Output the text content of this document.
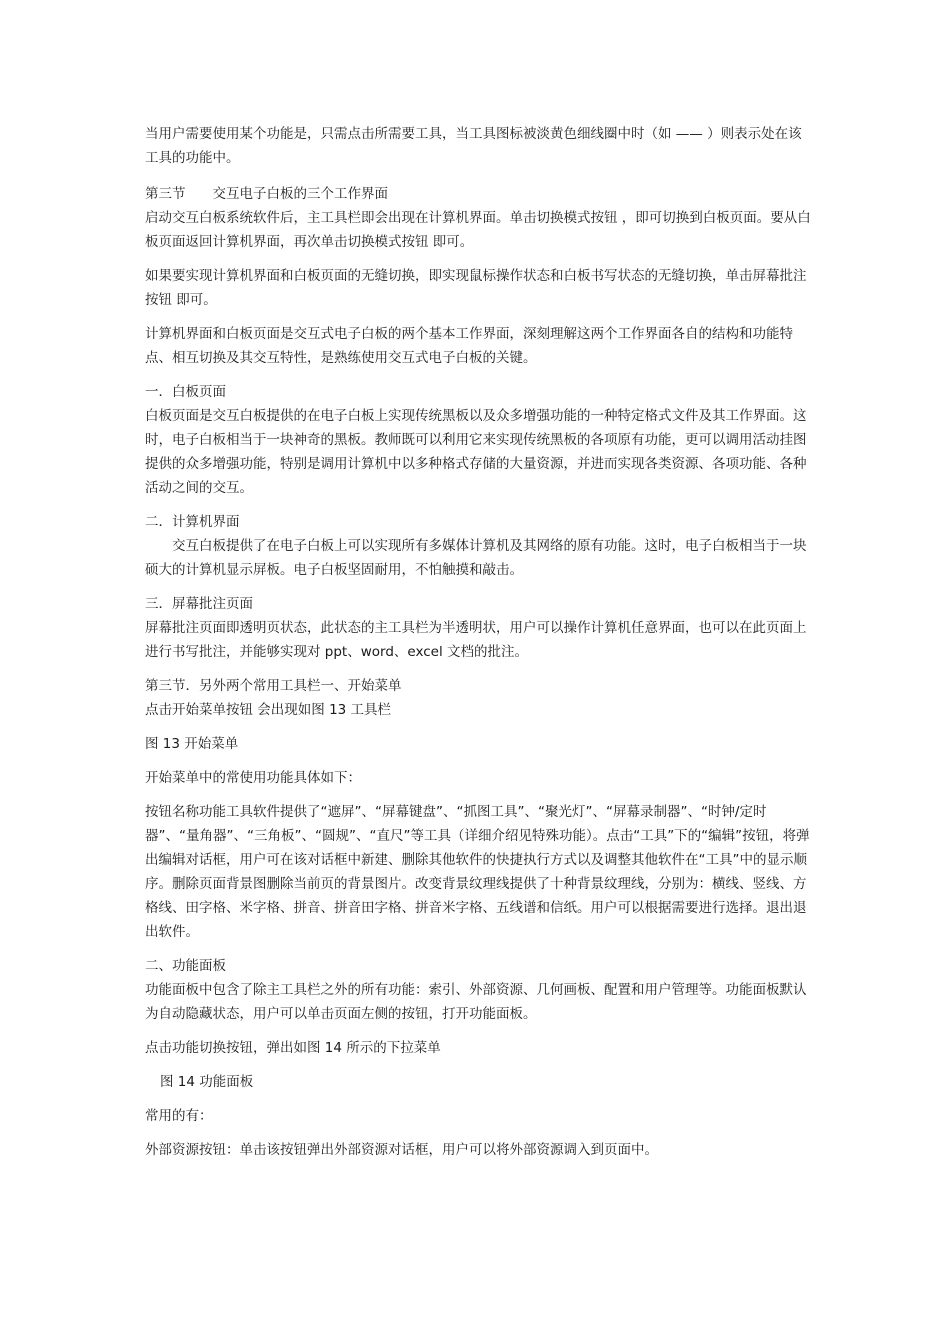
当用户需要使用某个功能是，只需点击所需要工具，当工具图标被淡黄色细线圈中时（如 —— ）则表示处在该工具的功能中。

第三节　　交互电子白板的三个工作界面

启动交互白板系统软件后，主工具栏即会出现在计算机界面。单击切换模式按钮 ，即可切换到白板页面。要从白板页面返回计算机界面，再次单击切换模式按钮 即可。

如果要实现计算机界面和白板页面的无缝切换，即实现鼠标操作状态和白板书写状态的无缝切换，单击屏幕批注按钮 即可。

计算机界面和白板页面是交互式电子白板的两个基本工作界面，深刻理解这两个工作界面各自的结构和功能特点、相互切换及其交互特性，是熟练使用交互式电子白板的关键。

一．白板页面

白板页面是交互白板提供的在电子白板上实现传统黑板以及众多增强功能的一种特定格式文件及其工作界面。这时，电子白板相当于一块神奇的黑板。教师既可以利用它来实现传统黑板的各项原有功能，更可以调用活动挂图提供的众多增强功能，特别是调用计算机中以多种格式存储的大量资源，并进而实现各类资源、各项功能、各种活动之间的交互。

二．计算机界面

交互白板提供了在电子白板上可以实现所有多媒体计算机及其网络的原有功能。这时，电子白板相当于一块硕大的计算机显示屏板。电子白板坚固耐用，不怕触摸和敲击。

三．屏幕批注页面

屏幕批注页面即透明页状态，此状态的主工具栏为半透明状，用户可以操作计算机任意界面，也可以在此页面上进行书写批注，并能够实现对 ppt、word、excel 文档的批注。

第三节．另外两个常用工具栏一、开始菜单

点击开始菜单按钮 会出现如图 13 工具栏

图 13 开始菜单

开始菜单中的常使用功能具体如下：

按钮名称功能工具软件提供了“遮屏”、“屏幕键盘”、“抓图工具”、“聚光灯”、“屏幕录制器”、“时钟/定时器”、“量角器”、“三角板”、“圆规”、“直尺”等工具（详细介绍见特殊功能）。点击“工具”下的“编辑”按钮，将弹出编辑对话框，用户可在该对话框中新建、删除其他软件的快捷执行方式以及调整其他软件在“工具”中的显示顺序。删除页面背景图删除当前页的背景图片。改变背景纹理线提供了十种背景纹理线，分别为：横线、竖线、方格线、田字格、米字格、拼音、拼音田字格、拼音米字格、五线谱和信纸。用户可以根据需要进行选择。退出退出软件。

二、功能面板

功能面板中包含了除主工具栏之外的所有功能：索引、外部资源、几何画板、配置和用户管理等。功能面板默认为自动隐藏状态，用户可以单击页面左侧的按钮，打开功能面板。

点击功能切换按钮，弹出如图 14 所示的下拉菜单

图 14 功能面板

常用的有：

外部资源按钮：单击该按钮弹出外部资源对话框，用户可以将外部资源调入到页面中。
